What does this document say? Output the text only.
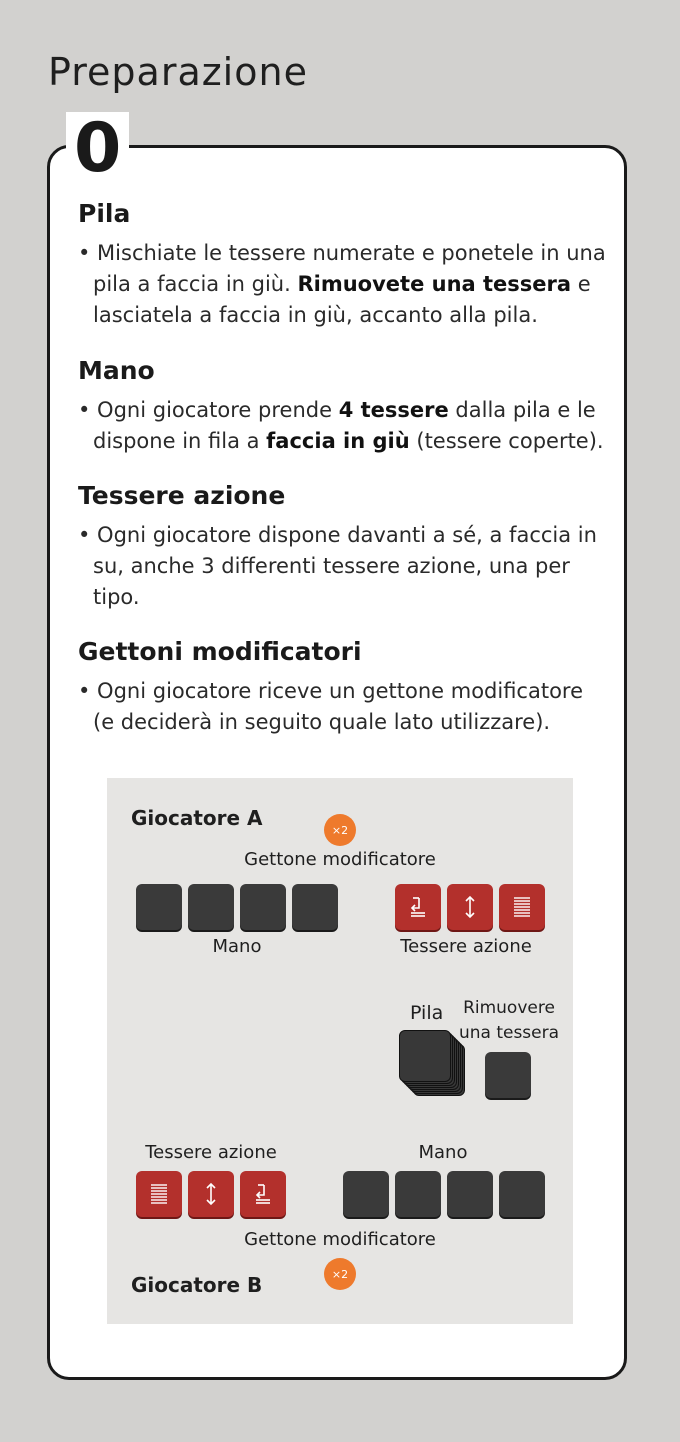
Preparazione
0
Pila

• Mischiate le tessere numerate e ponetele in una pila a faccia in giù. Rimuovete una tessera e lasciatela a faccia in giù, accanto alla pila.

Mano

• Ogni giocatore prende 4 tessere dalla pila e le dispone in fila a faccia in giù (tessere coperte).

Tessere azione

• Ogni giocatore dispone davanti a sé, a faccia in su, anche 3 differenti tessere azione, una per tipo.

Gettoni modificatori

• Ogni giocatore riceve un gettone modificatore (e deciderà in seguito quale lato utilizzare).

Giocatore A	×2
Gettone modificatore
Mano	Tessere azione
Pila	Rimuovere
una tessera
Tessere azione	Mano
Gettone modificatore
×2
Giocatore B
